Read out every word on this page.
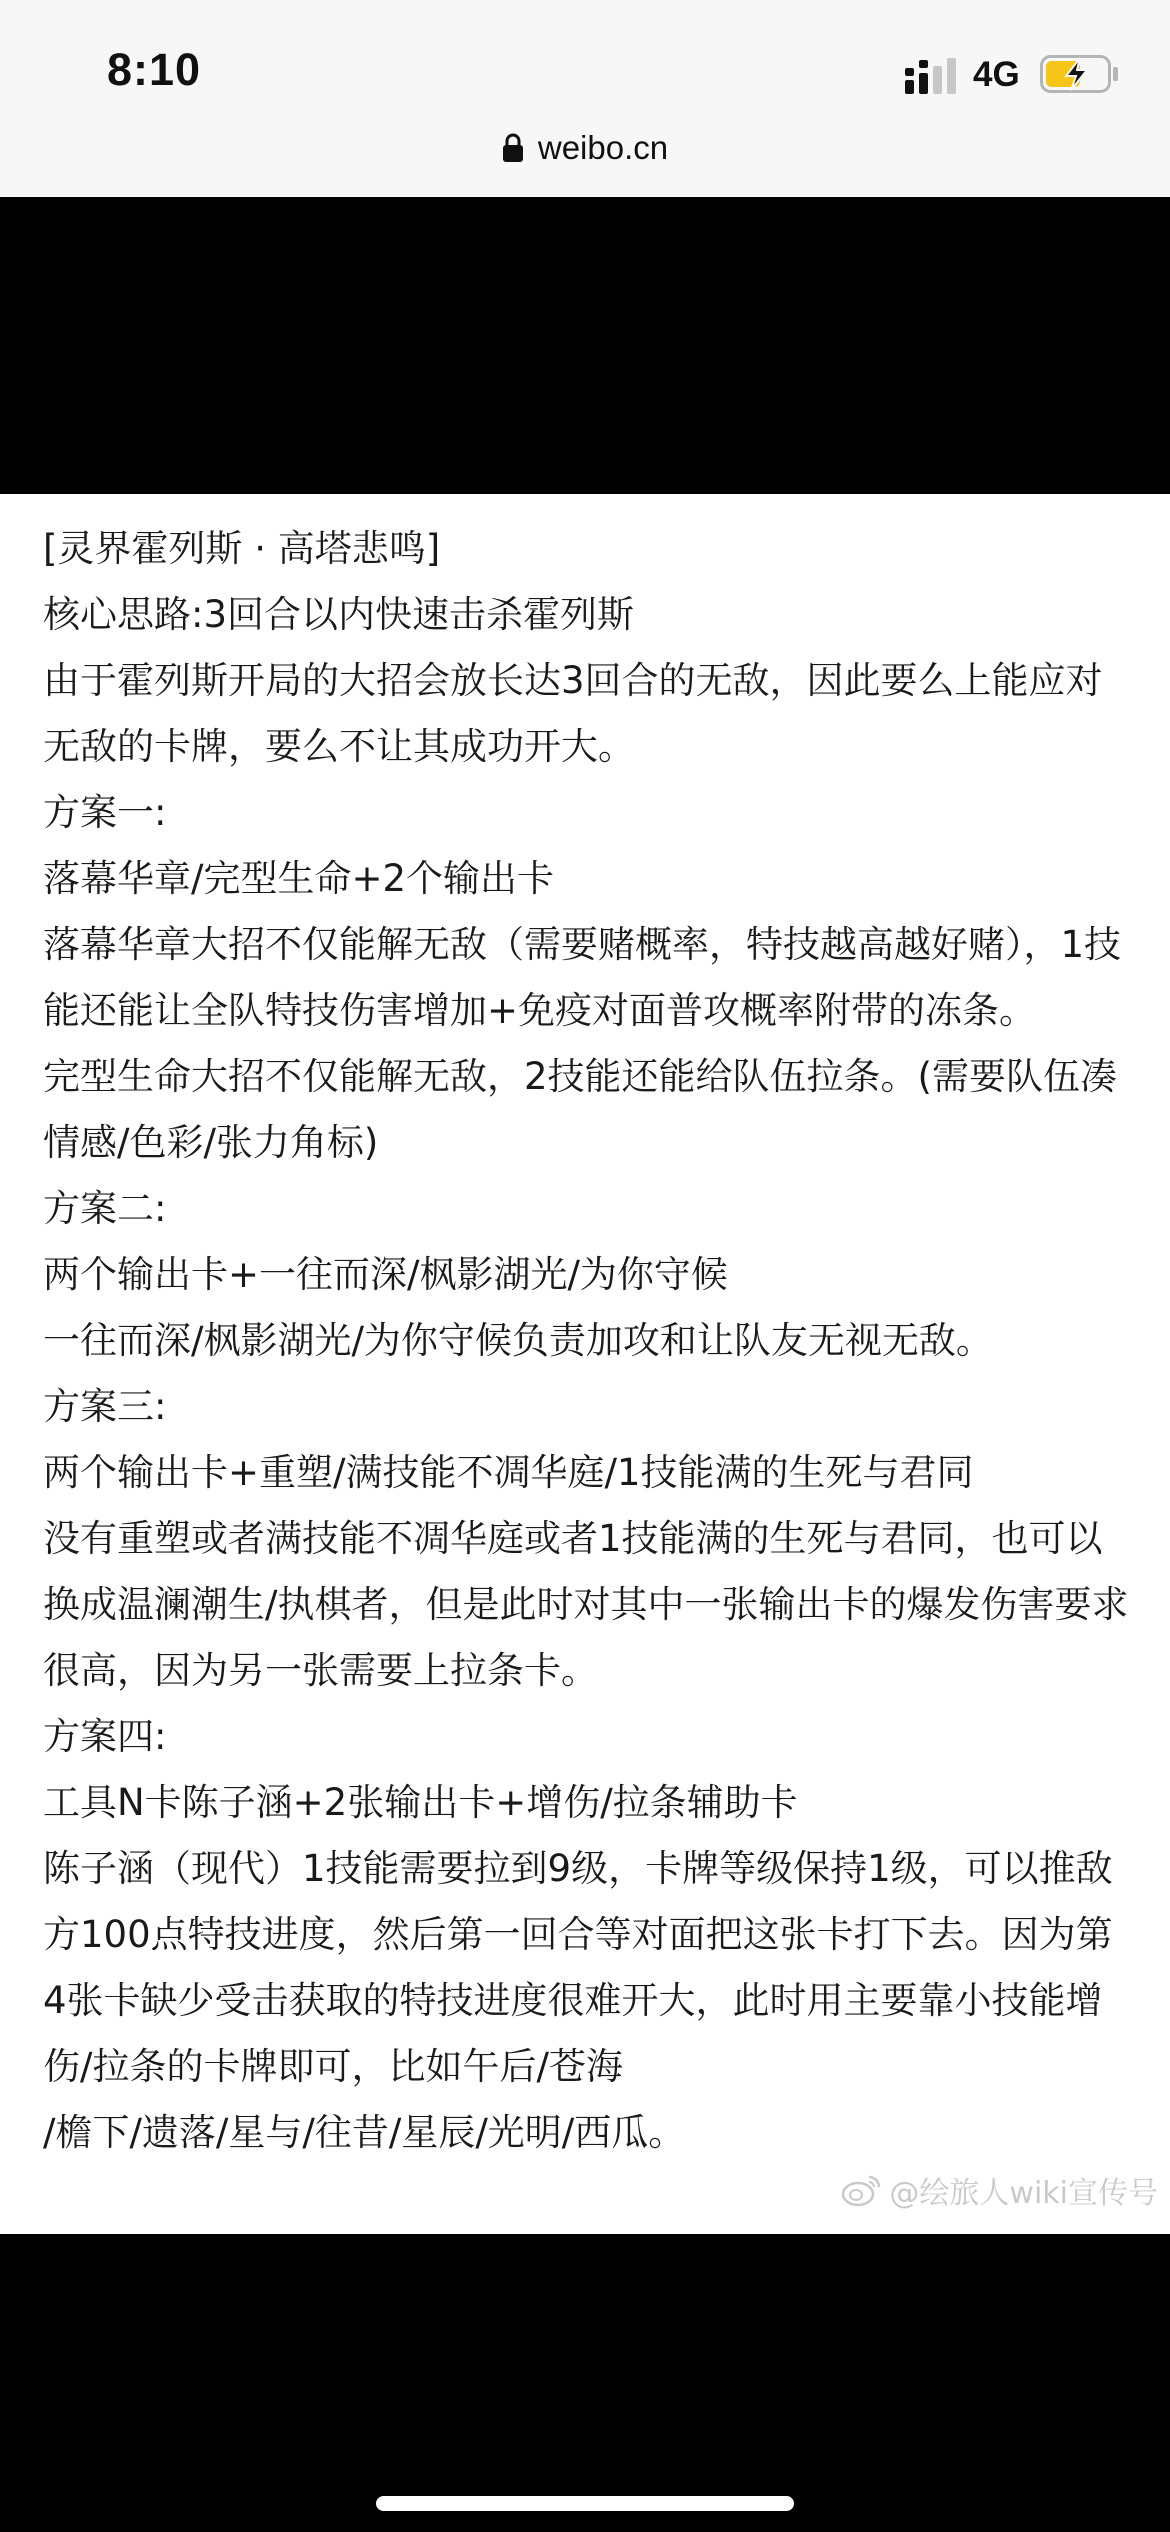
8:10	4G
weibo.cn
[灵界霍列斯 · 高塔悲鸣]
核心思路:3回合以内快速击杀霍列斯
由于霍列斯开局的大招会放长达3回合的无敌，因此要么上能应对无敌的卡牌，要么不让其成功开大。
方案一:
落幕华章/完型生命+2个输出卡
落幕华章大招不仅能解无敌（需要赌概率，特技越高越好赌），1技能还能让全队特技伤害增加+免疫对面普攻概率附带的冻条。
完型生命大招不仅能解无敌，2技能还能给队伍拉条。(需要队伍凑情感/色彩/张力角标)
方案二:
两个输出卡+一往而深/枫影湖光/为你守候
一往而深/枫影湖光/为你守候负责加攻和让队友无视无敌。
方案三:
两个输出卡+重塑/满技能不凋华庭/1技能满的生死与君同
没有重塑或者满技能不凋华庭或者1技能满的生死与君同，也可以换成温澜潮生/执棋者，但是此时对其中一张输出卡的爆发伤害要求很高，因为另一张需要上拉条卡。
方案四:
工具N卡陈子涵+2张输出卡+增伤/拉条辅助卡
陈子涵（现代）1技能需要拉到9级，卡牌等级保持1级，可以推敌方100点特技进度，然后第一回合等对面把这张卡打下去。因为第4张卡缺少受击获取的特技进度很难开大，此时用主要靠小技能增伤/拉条的卡牌即可，比如午后/苍海
/檐下/遗落/星与/往昔/星辰/光明/西瓜。
@绘旅人wiki宣传号
